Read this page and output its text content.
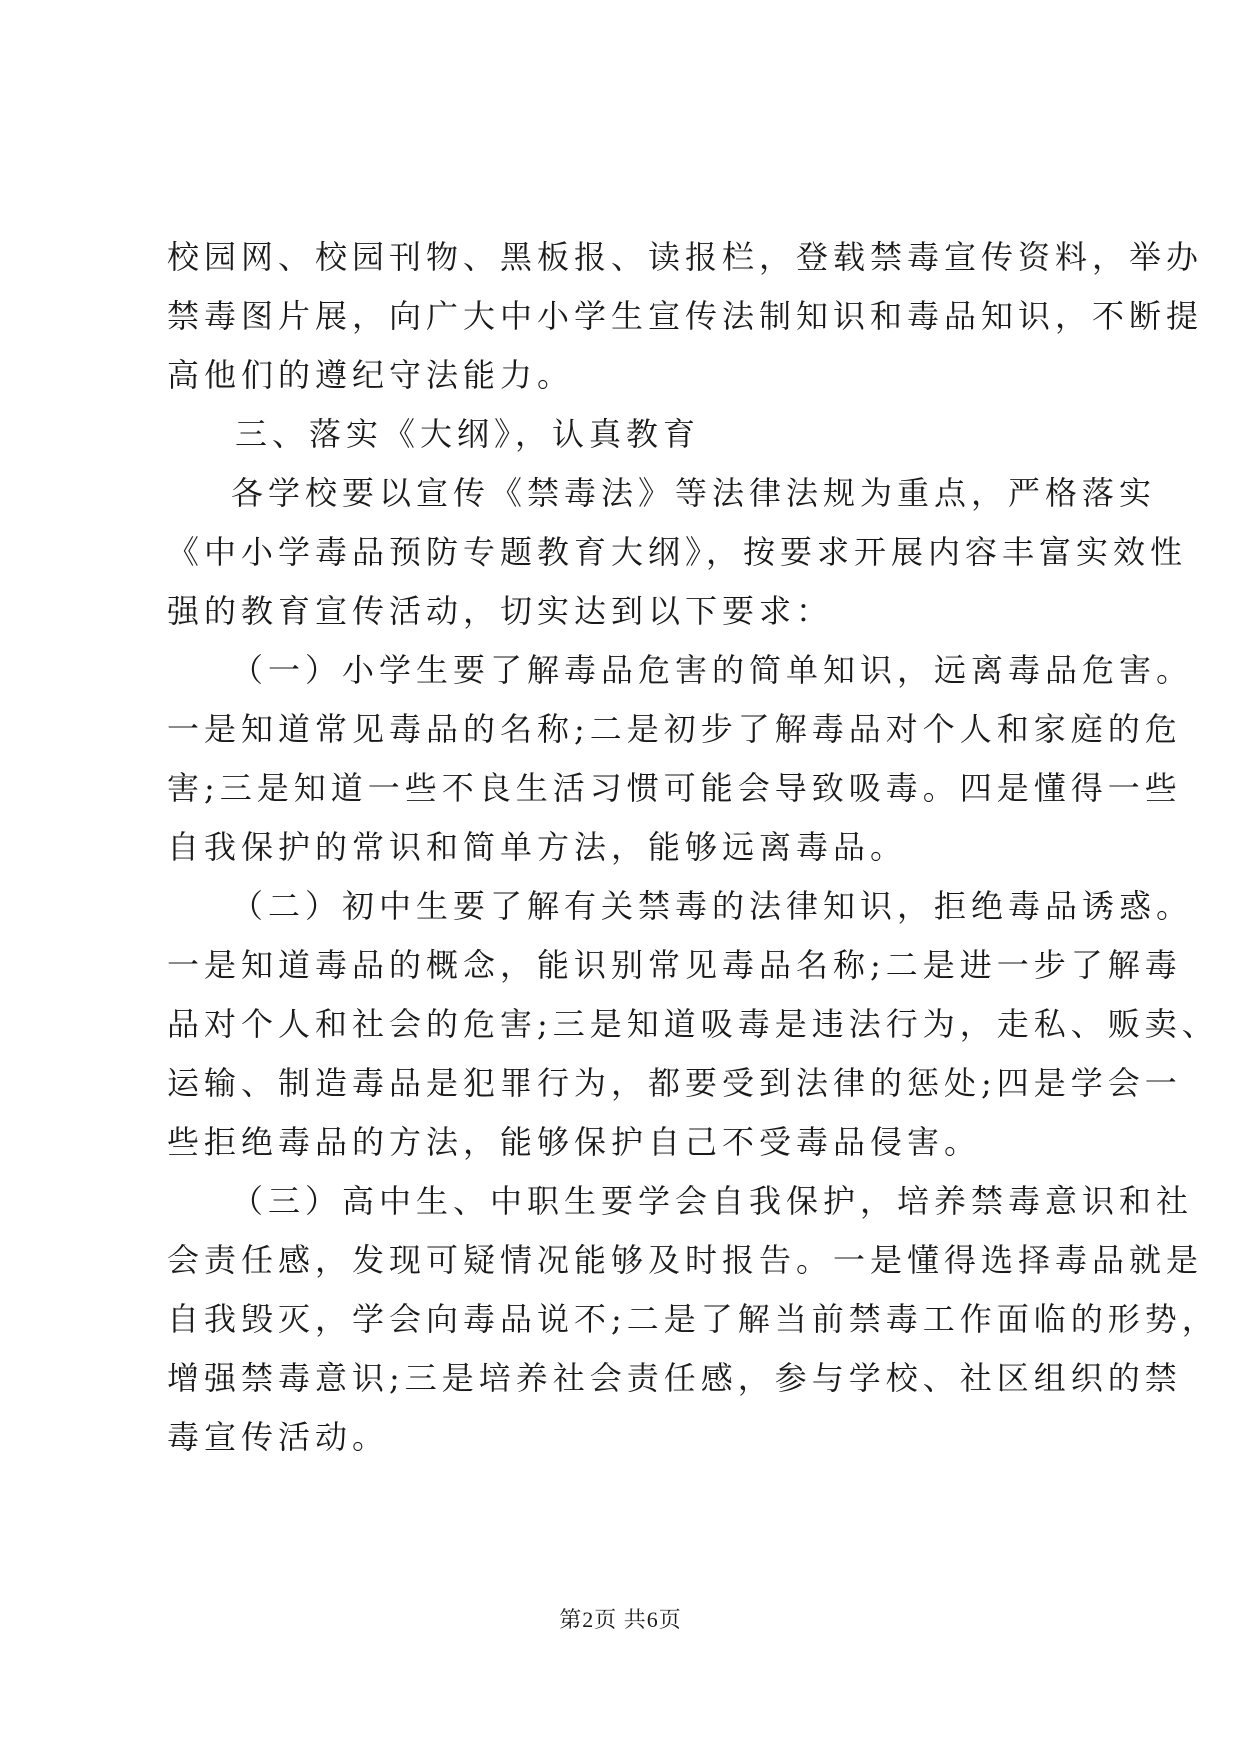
校园网、校园刊物、黑板报、读报栏，登载禁毒宣传资料，举办
禁毒图片展，向广大中小学生宣传法制知识和毒品知识，不断提
高他们的遵纪守法能力。
三、落实《大纲》，认真教育
各学校要以宣传《禁毒法》等法律法规为重点，严格落实
《中小学毒品预防专题教育大纲》，按要求开展内容丰富实效性
强的教育宣传活动，切实达到以下要求：
（一）小学生要了解毒品危害的简单知识，远离毒品危害。
一是知道常见毒品的名称;二是初步了解毒品对个人和家庭的危
害;三是知道一些不良生活习惯可能会导致吸毒。四是懂得一些
自我保护的常识和简单方法，能够远离毒品。
（二）初中生要了解有关禁毒的法律知识，拒绝毒品诱惑。
一是知道毒品的概念，能识别常见毒品名称;二是进一步了解毒
品对个人和社会的危害;三是知道吸毒是违法行为，走私、贩卖、
运输、制造毒品是犯罪行为，都要受到法律的惩处;四是学会一
些拒绝毒品的方法，能够保护自己不受毒品侵害。
（三）高中生、中职生要学会自我保护，培养禁毒意识和社
会责任感，发现可疑情况能够及时报告。一是懂得选择毒品就是
自我毁灭，学会向毒品说不;二是了解当前禁毒工作面临的形势，
增强禁毒意识;三是培养社会责任感，参与学校、社区组织的禁
毒宣传活动。
第2页 共6页
